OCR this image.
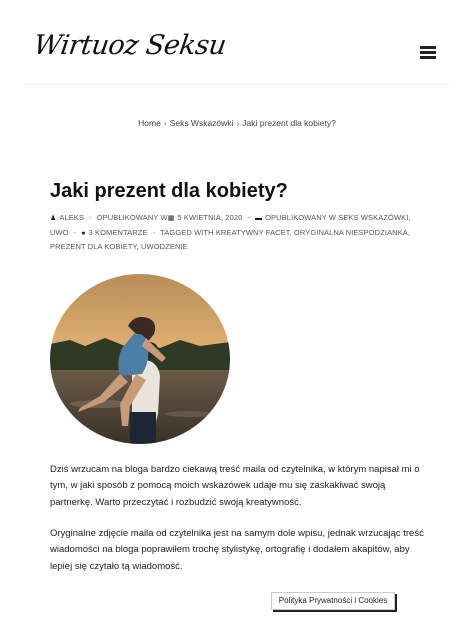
Wirtuoz Seksu
Home › Seks Wskazówki › Jaki prezent dla kobiety?
Jaki prezent dla kobiety?
♟ ALEKS - OPUBLIKOWANY W▦ 5 KWIETNIA, 2020 - ▬ OPUBLIKOWANY W SEKS WSKAZÓWKI, UWO - ● 3 KOMENTARZE - TAGGED WITH KREATYWNY FACET, ORYGINALNA NIESPODZIANKA, PREZENT DLA KOBIETY, UWODZENIE

Dziś wrzucam na bloga bardzo ciekawą treść maila od czytelnika, w którym napisał mi o tym, w jaki sposób z pomocą moich wskazówek udaje mu się zaskakiwać swoją partnerkę. Warto przeczytać i rozbudzić swoją kreatywność.

Oryginalne zdjęcie maila od czytelnika jest na samym dole wpisu, jednak wrzucając treść wiadomości na bloga poprawiłem trochę stylistykę, ortografię i dodałem akapitów, aby lepiej się czytało tą wiadomość.

Polityka Prywatności i Cookies
